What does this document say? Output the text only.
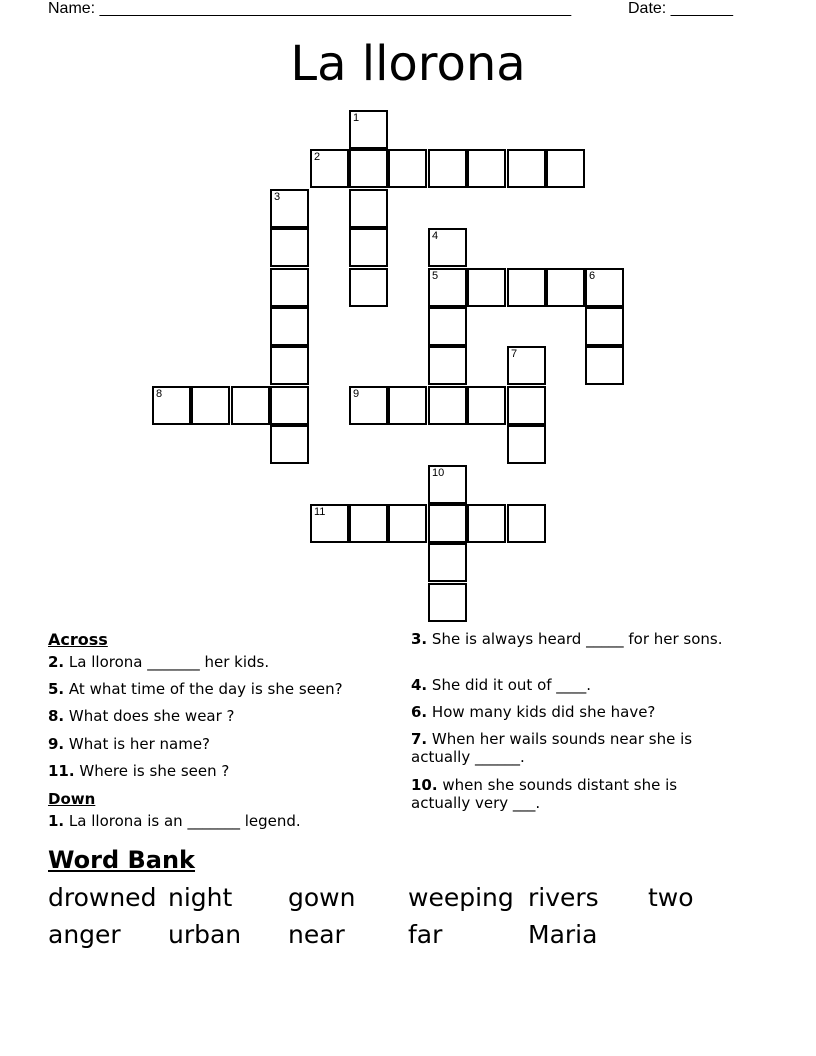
Name: _____________________________________________________	Date: _______
La llorona
1
2
3
4
5	6
7
8	9
10
11
Across
2. La llorona _______ her kids.
5. At what time of the day is she seen?
8. What does she wear ?
9. What is her name?
11. Where is she seen ?
Down
1. La llorona is an _______ legend.
3. She is always heard _____ for her sons.
4. She did it out of ____.
6. How many kids did she have?
7. When her wails sounds near she is actually ______.
10. when she sounds distant she is actually very ___.
Word Bank
drowned night gown weeping rivers two
anger urban near	far	Maria
